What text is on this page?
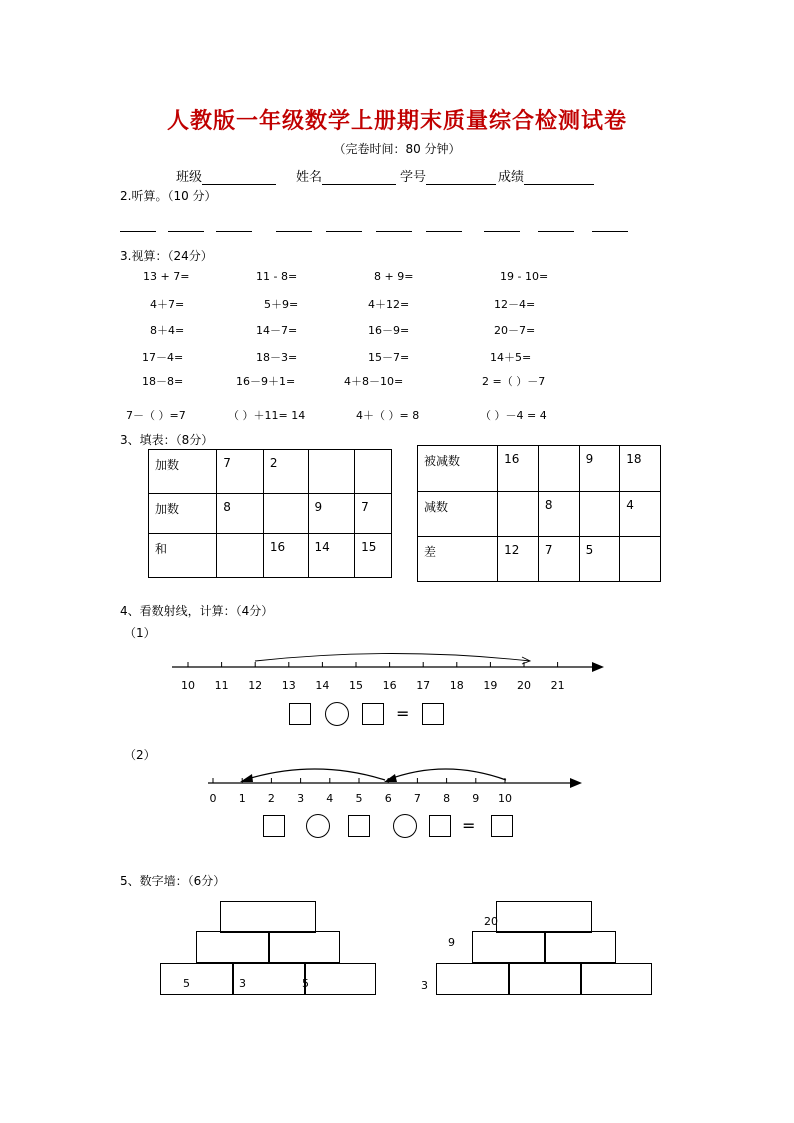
人教版一年级数学上册期末质量综合检测试卷
（完卷时间：80 分钟）
班级	姓名	学号	成绩
2.听算。（10 分）
3.视算：（24分）
13 + 7=	11 - 8=	8 + 9=	19 - 10=
4＋7=	5＋9=	4＋12=	12－4=
8＋4=	14－7=	16－9=	20－7=
17－4=	18－3=	15－7=	14＋5=
18－8=	16－9＋1=	4＋8－10=	2 =（ ）－7
7－（ ）=7	（ ）＋11= 14	4＋（ ）= 8	（ ）－4 = 4
3、填表：（8分）
加数	7	2		

加数	8		9	7

和		16	14	15
被减数	16		9	18

减数		8		4

差	12	7	5	

4、看数射线，计算：（4分）
（1）
10 11 12 13 14 15 16 17 18 19 20 21
=
（2）
0 1 2 3 4 5 6 7 8 9 10
=
5、数字墙：（6分）
5	3	5
20
9
3
